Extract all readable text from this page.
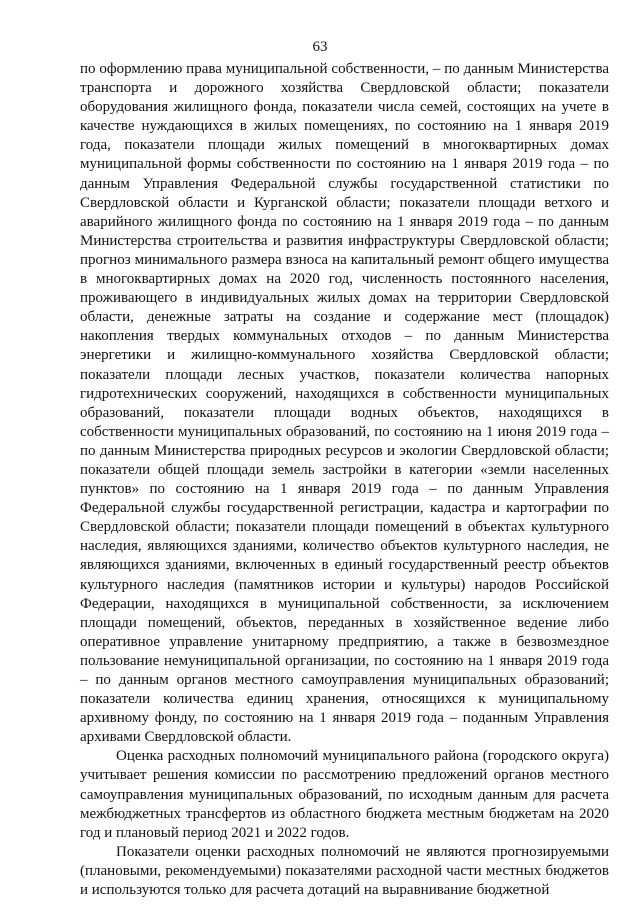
63

по оформлению права муниципальной собственности, – по данным Министерства транспорта и дорожного хозяйства Свердловской области; показатели оборудования жилищного фонда, показатели числа семей, состоящих на учете в качестве нуждающихся в жилых помещениях, по состоянию на 1 января 2019 года, показатели площади жилых помещений в многоквартирных домах муниципальной формы собственности по состоянию на 1 января 2019 года – по данным Управления Федеральной службы государственной статистики по Свердловской области и Курганской области; показатели площади ветхого и аварийного жилищного фонда по состоянию на 1 января 2019 года – по данным Министерства строительства и развития инфраструктуры Свердловской области; прогноз минимального размера взноса на капитальный ремонт общего имущества в многоквартирных домах на 2020 год, численность постоянного населения, проживающего в индивидуальных жилых домах на территории Свердловской области, денежные затраты на создание и содержание мест (площадок) накопления твердых коммунальных отходов – по данным Министерства энергетики и жилищно-коммунального хозяйства Свердловской области; показатели площади лесных участков, показатели количества напорных гидротехнических сооружений, находящихся в собственности муниципальных образований, показатели площади водных объектов, находящихся в собственности муниципальных образований, по состоянию на 1 июня 2019 года – по данным Министерства природных ресурсов и экологии Свердловской области; показатели общей площади земель застройки в категории «земли населенных пунктов» по состоянию на 1 января 2019 года – по данным Управления Федеральной службы государственной регистрации, кадастра и картографии по Свердловской области; показатели площади помещений в объектах культурного наследия, являющихся зданиями, количество объектов культурного наследия, не являющихся зданиями, включенных в единый государственный реестр объектов культурного наследия (памятников истории и культуры) народов Российской Федерации, находящихся в муниципальной собственности, за исключением площади помещений, объектов, переданных в хозяйственное ведение либо оперативное управление унитарному предприятию, а также в безвозмездное пользование немуниципальной организации, по состоянию на 1 января 2019 года – по данным органов местного самоуправления муниципальных образований; показатели количества единиц хранения, относящихся к муниципальному архивному фонду, по состоянию на 1 января 2019 года – поданным Управления архивами Свердловской области.

Оценка расходных полномочий муниципального района (городского округа) учитывает решения комиссии по рассмотрению предложений органов местного самоуправления муниципальных образований, по исходным данным для расчета межбюджетных трансфертов из областного бюджета местным бюджетам на 2020 год и плановый период 2021 и 2022 годов.

Показатели оценки расходных полномочий не являются прогнозируемыми (плановыми, рекомендуемыми) показателями расходной части местных бюджетов и используются только для расчета дотаций на выравнивание бюджетной
